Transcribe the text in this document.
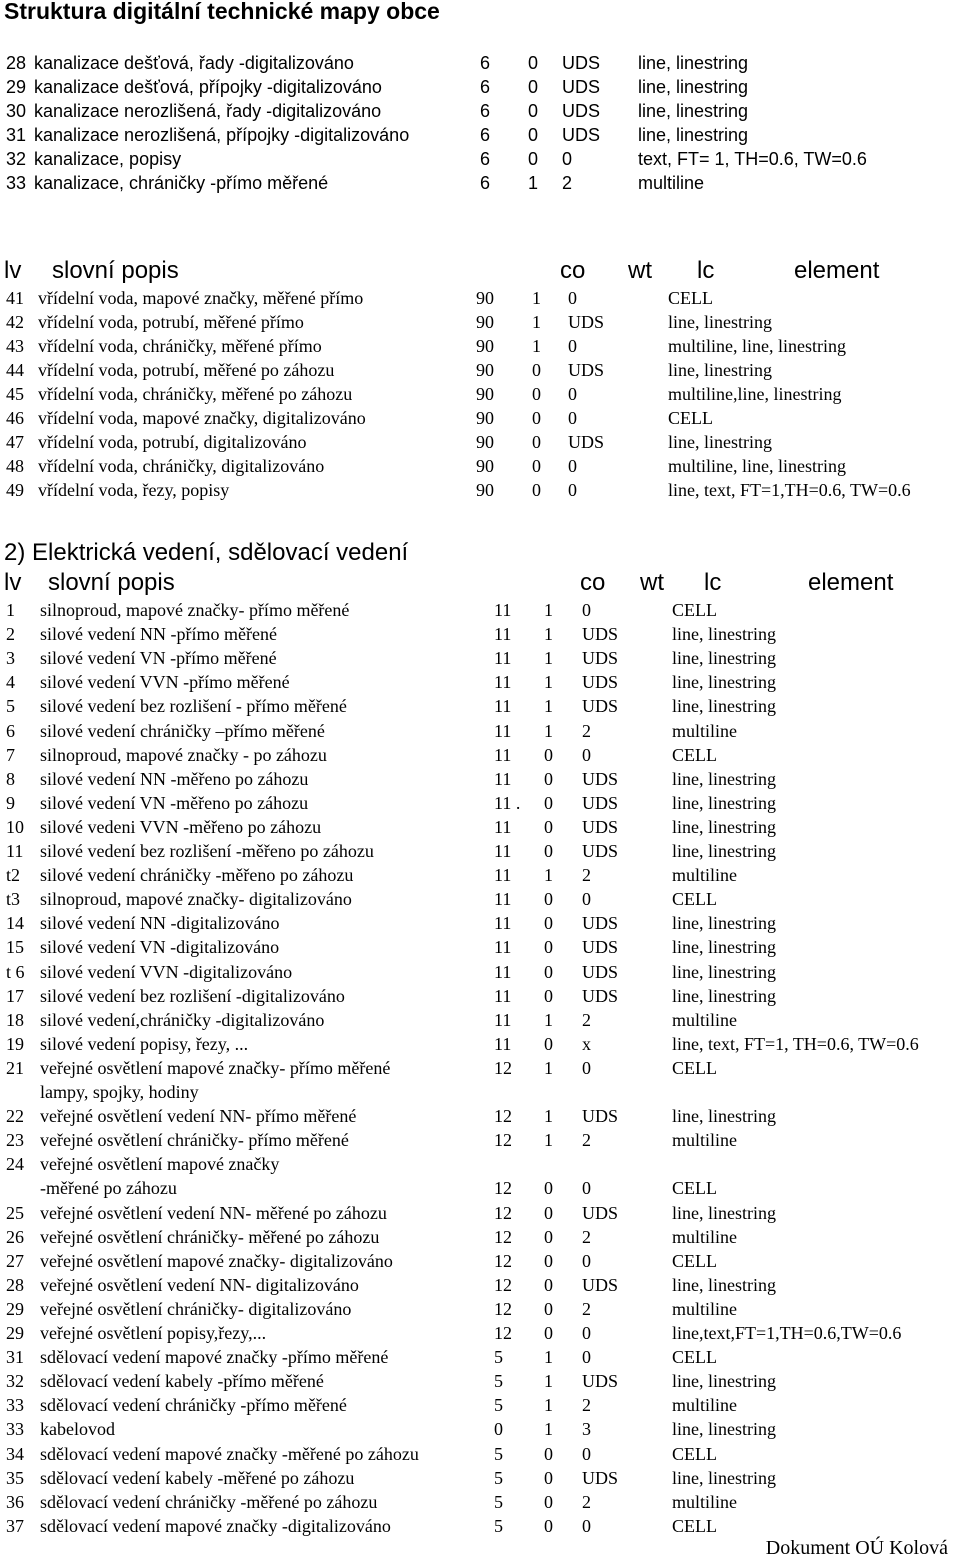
Struktura digitální technické mapy obce
28 kanalizace dešťová, řady -digitalizováno	6 0 UDS line, linestring
29 kanalizace dešťová, přípojky -digitalizováno	6 0 UDS line, linestring
30 kanalizace nerozlišená, řady -digitalizováno	6 0 UDS line, linestring
31 kanalizace nerozlišená, přípojky -digitalizováno	6 0 UDS line, linestring
32 kanalizace, popisy	6 0 0	text, FT= 1, TH=0.6, TW=0.6
33 kanalizace, chráničky -přímo měřené	6 1 2	multiline
lv slovní popis	co wt lc	element
41 vřídelní voda, mapové značky, měřené přímo	90 1 0	CELL
42 vřídelní voda, potrubí, měřené přímo	90 1 UDS	line, linestring
43 vřídelní voda, chráničky, měřené přímo	90 1 0	multiline, line, linestring
44 vřídelní voda, potrubí, měřené po záhozu	90 0 UDS	line, linestring
45 vřídelní voda, chráničky, měřené po záhozu	90 0 0	multiline,line, linestring
46 vřídelní voda, mapové značky, digitalizováno	90 0 0	CELL
47 vřídelní voda, potrubí, digitalizováno	90 0 UDS	line, linestring
48 vřídelní voda, chráničky, digitalizováno	90 0 0	multiline, line, linestring
49 vřídelní voda, řezy, popisy	90 0 0	line, text, FT=1,TH=0.6, TW=0.6
2) Elektrická vedení, sdělovací vedení
lv slovní popis	co wt lc	element
1 silnoproud, mapové značky- přímo měřené	11 1 0	CELL
2 silové vedení NN -přímo měřené	11 1 UDS	line, linestring
3 silové vedení VN -přímo měřené	11 1 UDS	line, linestring
4 silové vedení VVN -přímo měřené	11 1 UDS	line, linestring
5 silové vedení bez rozlišení - přímo měřené	11 1 UDS	line, linestring
6 silové vedení chráničky –přímo měřené	11 1 2	multiline
7 silnoproud, mapové značky - po záhozu	11 0 0	CELL
8 silové vedení NN -měřeno po záhozu	11 0 UDS	line, linestring
9 silové vedení VN -měřeno po záhozu	11 . 0 UDS	line, linestring
10 silové vedeni VVN -měřeno po záhozu	11 0 UDS	line, linestring
11 silové vedení bez rozlišení -měřeno po záhozu	11 0 UDS	line, linestring
t2 silové vedení chráničky -měřeno po záhozu	11 1 2	multiline
t3 silnoproud, mapové značky- digitalizováno	11 0 0	CELL
14 silové vedení NN -digitalizováno	11 0 UDS	line, linestring
15 silové vedení VN -digitalizováno	11 0 UDS	line, linestring
t 6 silové vedení VVN -digitalizováno	11 0 UDS	line, linestring
17 silové vedení bez rozlišení -digitalizováno	11 0 UDS	line, linestring
18 silové vedení,chráničky -digitalizováno	11 1 2	multiline
19 silové vedení popisy, řezy, ...	11 0 x	line, text, FT=1, TH=0.6, TW=0.6
21 veřejné osvětlení mapové značky- přímo měřené	12 1 0	CELL
lampy, spojky, hodiny
22 veřejné osvětlení vedení NN- přímo měřené	12 1 UDS	line, linestring
23 veřejné osvětlení chráničky- přímo měřené	12 1 2	multiline
24 veřejné osvětlení mapové značky
-měřené po záhozu	12 0 0	CELL
25 veřejné osvětlení vedení NN- měřené po záhozu	12 0 UDS	line, linestring
26 veřejné osvětlení chráničky- měřené po záhozu	12 0 2	multiline
27 veřejné osvětlení mapové značky- digitalizováno	12 0 0	CELL
28 veřejné osvětlení vedení NN- digitalizováno	12 0 UDS	line, linestring
29 veřejné osvětlení chráničky- digitalizováno	12 0 2	multiline
29 veřejné osvětlení popisy,řezy,...	12 0 0	line,text,FT=1,TH=0.6,TW=0.6
31 sdělovací vedení mapové značky -přímo měřené	5 1 0	CELL
32 sdělovací vedení kabely -přímo měřené	5 1 UDS	line, linestring
33 sdělovací vedení chráničky -přímo měřené	5 1 2	multiline
33 kabelovod	0 1 3	line, linestring
34 sdělovací vedení mapové značky -měřené po záhozu	5 0 0	CELL
35 sdělovací vedení kabely -měřené po záhozu	5 0 UDS	line, linestring
36 sdělovací vedení chráničky -měřené po záhozu	5 0 2	multiline
37 sdělovací vedení mapové značky -digitalizováno	5 0 0	CELL
Dokument OÚ Kolová
